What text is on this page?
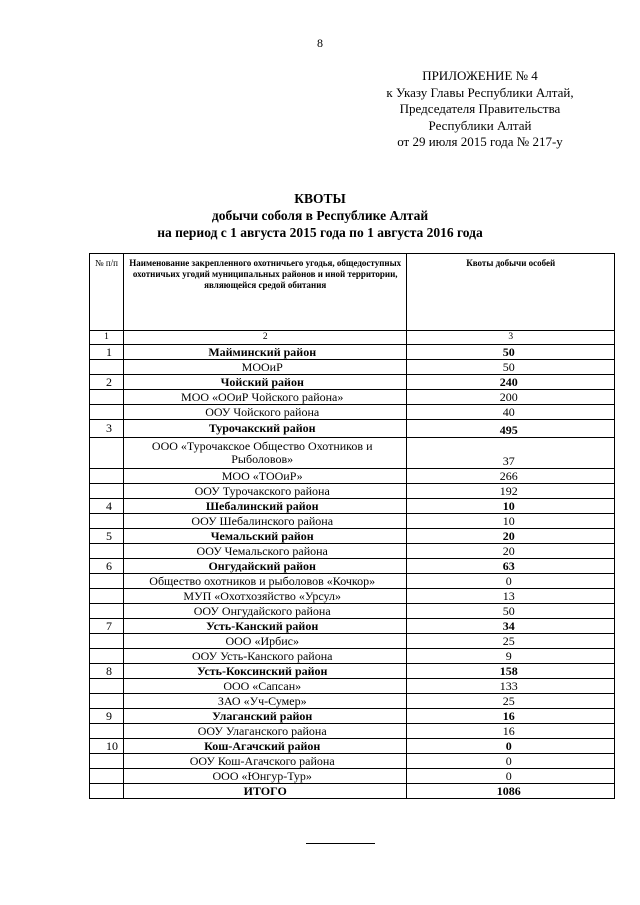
8
ПРИЛОЖЕНИЕ № 4
к Указу Главы Республики Алтай,
Председателя Правительства
Республики Алтай
от 29 июля 2015 года № 217-у
КВОТЫ
добычи соболя в Республике Алтай
на период с 1 августа 2015 года по 1 августа 2016 года
№ п/п	Наименование закрепленного охотничьего угодья, общедоступных охотничьих угодий муниципальных районов и иной территории, являющейся средой обитания	Квоты добычи особей
1	2	3
1	Майминский район	50
	МООиР	50
2	Чойский район	240
	МОО «ООиР Чойского района»	200
	ООУ Чойского района	40
3	Турочакский район	495
	ООО «Турочакское Общество Охотников и Рыболовов»	37
	МОО «ТООиР»	266
	ООУ Турочакского района	192
4	Шебалинский район	10
	ООУ Шебалинского района	10
5	Чемальский район	20
	ООУ Чемальского района	20
6	Онгудайский район	63
	Общество охотников и рыболовов «Кочкор»	0
	МУП «Охотхозяйство «Урсул»	13
	ООУ Онгудайского района	50
7	Усть-Канский район	34
	ООО «Ирбис»	25
	ООУ Усть-Канского района	9
8	Усть-Коксинский район	158
	ООО «Сапсан»	133
	ЗАО «Уч-Сумер»	25
9	Улаганский район	16
	ООУ Улаганского района	16
10	Кош-Агачский район	0
	ООУ Кош-Агачского района	0
	ООО «Юнгур-Тур»	0
	ИТОГО	1086
